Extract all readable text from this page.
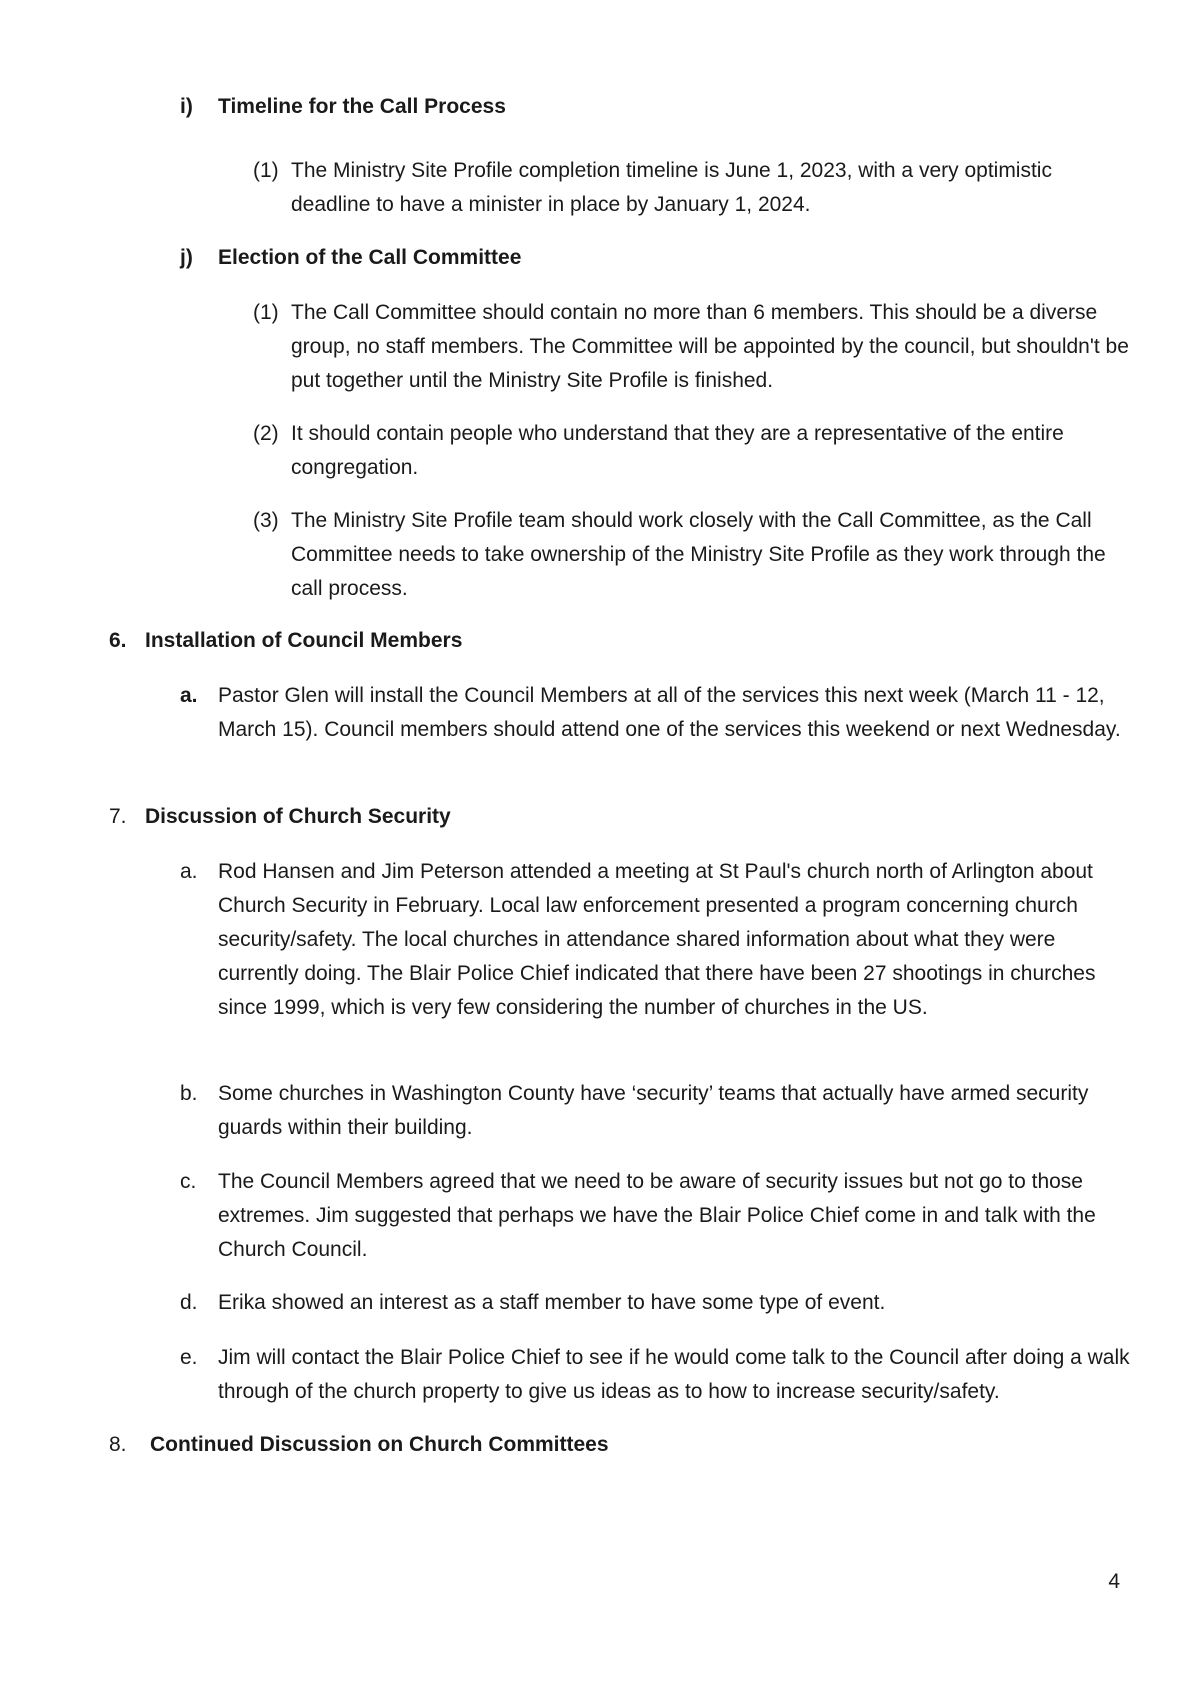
i)	Timeline for the Call Process
(1) The Ministry Site Profile completion timeline is June 1, 2023, with a very optimistic deadline to have a minister in place by January 1, 2024.
j)	Election of the Call Committee
(1) The Call Committee should contain no more than 6 members. This should be a diverse group, no staff members. The Committee will be appointed by the council, but shouldn't be put together until the Ministry Site Profile is finished.
(2) It should contain people who understand that they are a representative of the entire congregation.
(3) The Ministry Site Profile team should work closely with the Call Committee, as the Call Committee needs to take ownership of the Ministry Site Profile as they work through the call process.
6. Installation of Council Members
a. Pastor Glen will install the Council Members at all of the services this next week (March 11 - 12, March 15). Council members should attend one of the services this weekend or next Wednesday.
7. Discussion of Church Security
a. Rod Hansen and Jim Peterson attended a meeting at St Paul's church north of Arlington about Church Security in February. Local law enforcement presented a program concerning church security/safety. The local churches in attendance shared information about what they were currently doing. The Blair Police Chief indicated that there have been 27 shootings in churches since 1999, which is very few considering the number of churches in the US.
b. Some churches in Washington County have ‘security’ teams that actually have armed security guards within their building.
c.	The Council Members agreed that we need to be aware of security issues but not go to those extremes. Jim suggested that perhaps we have the Blair Police Chief come in and talk with the Church Council.
d. Erika showed an interest as a staff member to have some type of event.
e. Jim will contact the Blair Police Chief to see if he would come talk to the Council after doing a walk through of the church property to give us ideas as to how to increase security/safety.
8.	Continued Discussion on Church Committees
4
